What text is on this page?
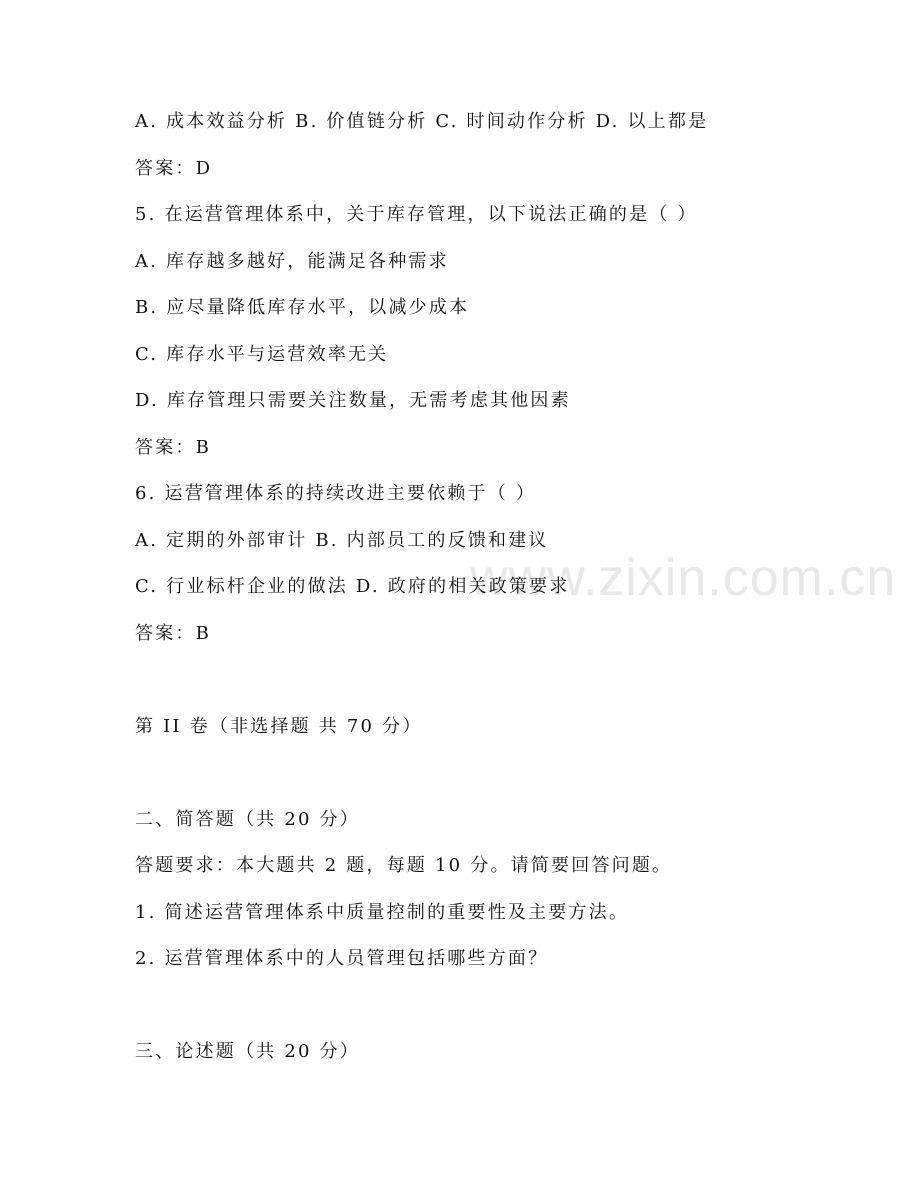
www.zixin.com.cn
A. 成本效益分析 B. 价值链分析 C. 时间动作分析 D. 以上都是
答案：D
5. 在运营管理体系中，关于库存管理，以下说法正确的是（ ）
A. 库存越多越好，能满足各种需求
B. 应尽量降低库存水平，以减少成本
C. 库存水平与运营效率无关
D. 库存管理只需要关注数量，无需考虑其他因素
答案：B
6. 运营管理体系的持续改进主要依赖于（ ）
A. 定期的外部审计 B. 内部员工的反馈和建议
C. 行业标杆企业的做法 D. 政府的相关政策要求
答案：B
第 II 卷（非选择题 共 70 分）
二、简答题（共 20 分）
答题要求：本大题共 2 题，每题 10 分。请简要回答问题。
1. 简述运营管理体系中质量控制的重要性及主要方法。
2. 运营管理体系中的人员管理包括哪些方面？
三、论述题（共 20 分）
